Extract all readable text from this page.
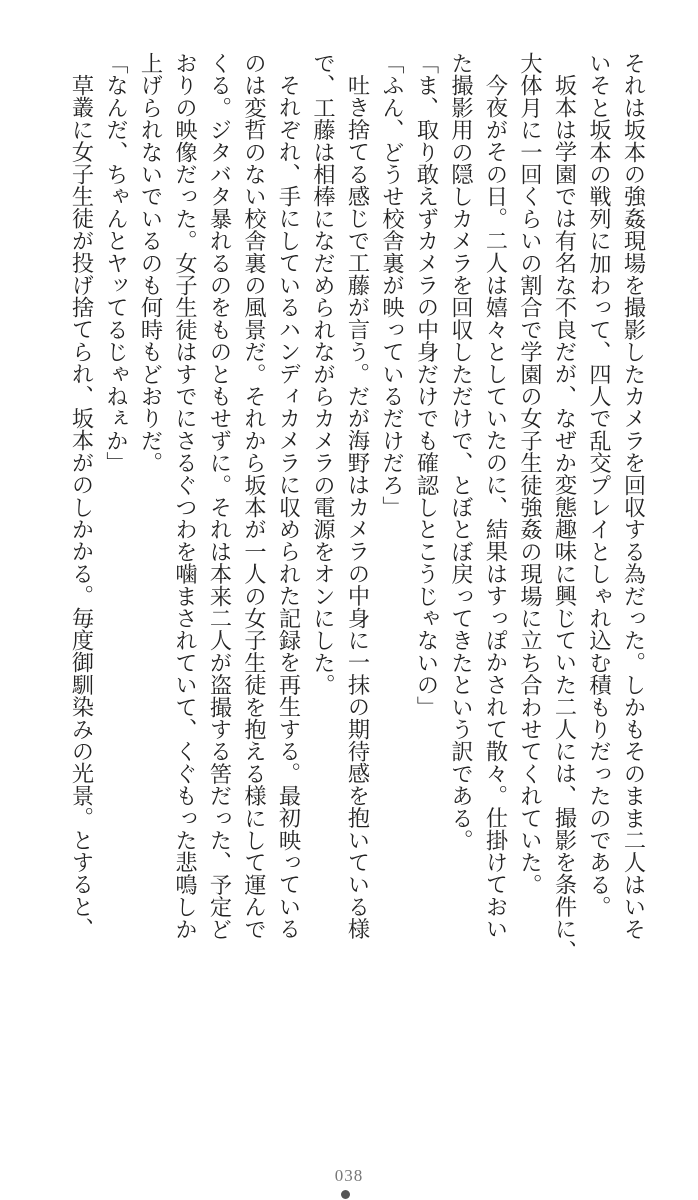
それは坂本の強姦現場を撮影したカメラを回収する為だった。しかもそのまま二人はいそ
いそと坂本の戦列に加わって、四人で乱交プレイとしゃれ込む積もりだったのである。
坂本は学園では有名な不良だが、なぜか変態趣味に興じていた二人には、撮影を条件に、
大体月に一回くらいの割合で学園の女子生徒強姦の現場に立ち合わせてくれていた。
今夜がその日。二人は嬉々としていたのに、結果はすっぽかされて散々。仕掛けておい
た撮影用の隠しカメラを回収しただけで、とぼとぼ戻ってきたという訳である。
「ま、取り敢えずカメラの中身だけでも確認しとこうじゃないの」
「ふん、どうせ校舎裏が映っているだけだろ」
吐き捨てる感じで工藤が言う。だが海野はカメラの中身に一抹の期待感を抱いている様
で、工藤は相棒になだめられながらカメラの電源をオンにした。
それぞれ、手にしているハンディカメラに収められた記録を再生する。最初映っている
のは変哲のない校舎裏の風景だ。それから坂本が一人の女子生徒を抱える様にして運んで
くる。ジタバタ暴れるのをものともせずに。それは本来二人が盗撮する筈だった、予定ど
おりの映像だった。女子生徒はすでにさるぐつわを噛まされていて、くぐもった悲鳴しか
上げられないでいるのも何時もどおりだ。
「なんだ、ちゃんとヤッてるじゃねぇか」
草叢に女子生徒が投げ捨てられ、坂本がのしかかる。毎度御馴染みの光景。とすると、
038
